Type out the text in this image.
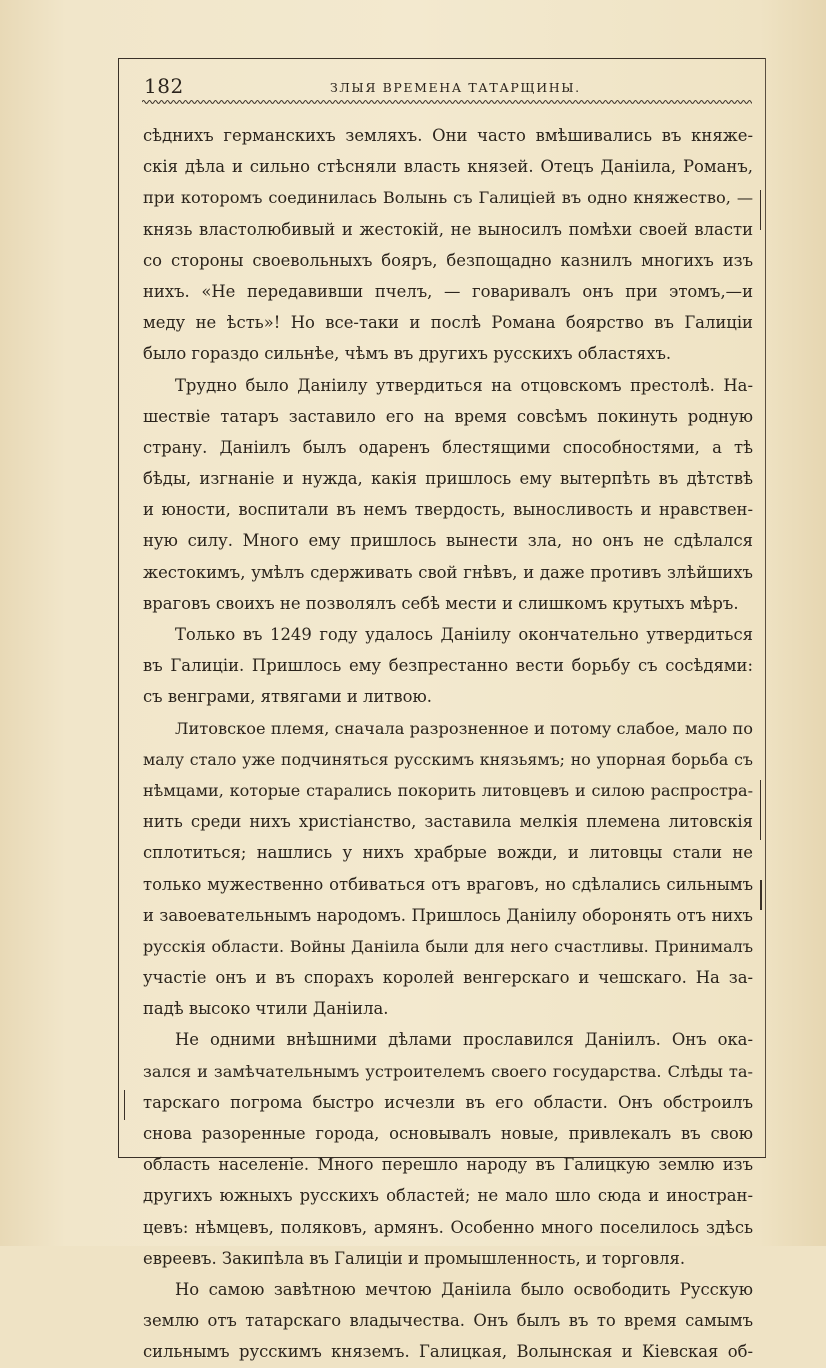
182	ЗЛЫЯ ВРЕМЕНА ТАТАРЩИНЫ.
сѣднихъ германскихъ земляхъ. Они часто вмѣшивались въ княже-
скія дѣла и сильно стѣсняли власть князей. Отецъ Даніила, Романъ,
при которомъ соединилась Волынь съ Галиціей въ одно княжество, —
князь властолюбивый и жестокій, не выносилъ помѣхи своей власти
со стороны своевольныхъ бояръ, безпощадно казнилъ многихъ изъ
нихъ. «Не передавивши пчелъ, — говаривалъ онъ при этомъ,—и
меду не ѣсть»! Но все-таки и послѣ Романа боярство въ Галиціи
было гораздо сильнѣе, чѣмъ въ другихъ русскихъ областяхъ.
Трудно было Даніилу утвердиться на отцовскомъ престолѣ. На-
шествіе татаръ заставило его на время совсѣмъ покинуть родную
страну. Даніилъ былъ одаренъ блестящими способностями, а тѣ
бѣды, изгнаніе и нужда, какія пришлось ему вытерпѣть въ дѣтствѣ
и юности, воспитали въ немъ твердость, выносливость и нравствен-
ную силу. Много ему пришлось вынести зла, но онъ не сдѣлался
жестокимъ, умѣлъ сдерживать свой гнѣвъ, и даже противъ злѣйшихъ
враговъ своихъ не позволялъ себѣ мести и слишкомъ крутыхъ мѣръ.
Только въ 1249 году удалось Даніилу окончательно утвердиться
въ Галиціи. Пришлось ему безпрестанно вести борьбу съ сосѣдями:
съ венграми, ятвягами и литвою.
Литовское племя, сначала разрозненное и потому слабое, мало по
малу стало уже подчиняться русскимъ князьямъ; но упорная борьба съ
нѣмцами, которые старались покорить литовцевъ и силою распростра-
нить среди нихъ христіанство, заставила мелкія племена литовскія
сплотиться; нашлись у нихъ храбрые вожди, и литовцы стали не
только мужественно отбиваться отъ враговъ, но сдѣлались сильнымъ
и завоевательнымъ народомъ. Пришлось Даніилу оборонять отъ нихъ
русскія области. Войны Даніила были для него счастливы. Принималъ
участіе онъ и въ спорахъ королей венгерскаго и чешскаго. На за-
падѣ высоко чтили Даніила.
Не одними внѣшними дѣлами прославился Даніилъ. Онъ ока-
зался и замѣчательнымъ устроителемъ своего государства. Слѣды та-
тарскаго погрома быстро исчезли въ его области. Онъ обстроилъ
снова разоренные города, основывалъ новые, привлекалъ въ свою
область населеніе. Много перешло народу въ Галицкую землю изъ
другихъ южныхъ русскихъ областей; не мало шло сюда и иностран-
цевъ: нѣмцевъ, поляковъ, армянъ. Особенно много поселилось здѣсь
евреевъ. Закипѣла въ Галиціи и промышленность, и торговля.
Но самою завѣтною мечтою Даніила было освободить Русскую
землю отъ татарскаго владычества. Онъ былъ въ то время самымъ
сильнымъ русскимъ княземъ. Галицкая, Волынская и Кіевская об-
